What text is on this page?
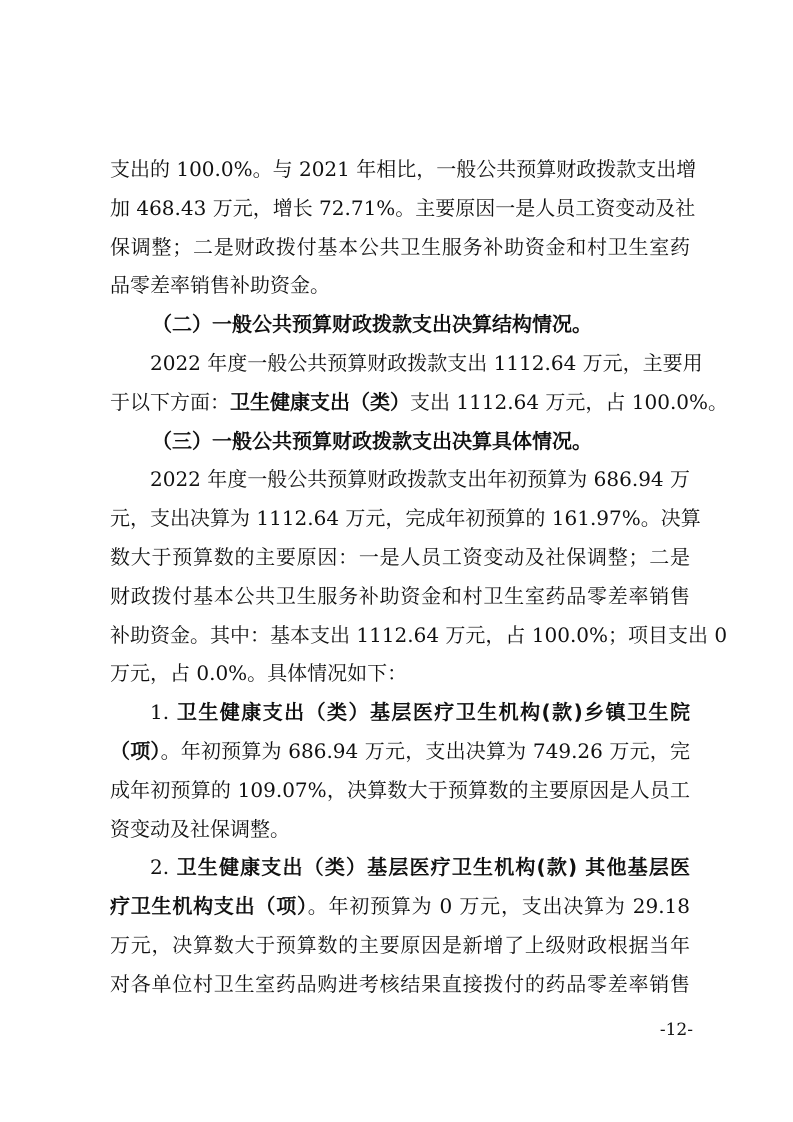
支出的 100.0%。与 2021 年相比，一般公共预算财政拨款支出增
加 468.43 万元，增长 72.71%。主要原因一是人员工资变动及社
保调整；二是财政拨付基本公共卫生服务补助资金和村卫生室药
品零差率销售补助资金。
（二）一般公共预算财政拨款支出决算结构情况。
2022 年度一般公共预算财政拨款支出 1112.64 万元，主要用
于以下方面：卫生健康支出（类）支出 1112.64 万元，占 100.0%。
（三）一般公共预算财政拨款支出决算具体情况。
2022 年度一般公共预算财政拨款支出年初预算为 686.94 万
元，支出决算为 1112.64 万元，完成年初预算的 161.97%。决算
数大于预算数的主要原因：一是人员工资变动及社保调整；二是
财政拨付基本公共卫生服务补助资金和村卫生室药品零差率销售
补助资金。其中：基本支出 1112.64 万元，占 100.0%；项目支出 0
万元，占 0.0%。具体情况如下：
1. 卫生健康支出（类）基层医疗卫生机构(款)乡镇卫生院
（项）。年初预算为 686.94 万元，支出决算为 749.26 万元，完
成年初预算的 109.07%，决算数大于预算数的主要原因是人员工
资变动及社保调整。
2. 卫生健康支出（类）基层医疗卫生机构(款) 其他基层医
疗卫生机构支出（项）。年初预算为 0 万元，支出决算为 29.18
万元，决算数大于预算数的主要原因是新增了上级财政根据当年
对各单位村卫生室药品购进考核结果直接拨付的药品零差率销售
-12-
